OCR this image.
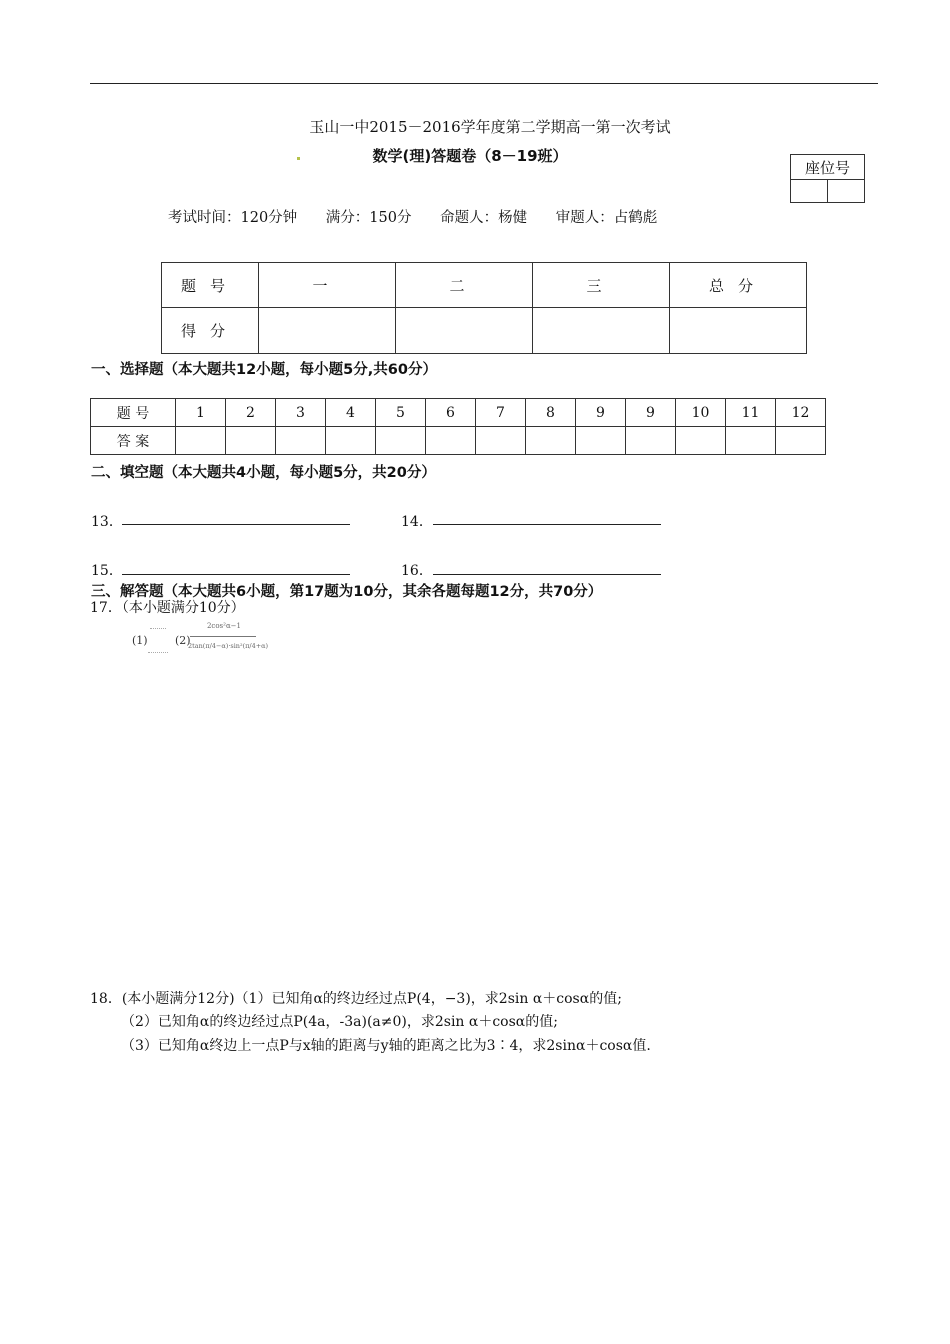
玉山一中2015－2016学年度第二学期高一第一次考试
数学(理)答题卷（8－19班）
座位号

考试时间：120分钟 满分：150分 命题人：杨健 审题人：占鹤彪
题号	一	二	三	总分
得分				
一、选择题（本大题共12小题，每小题5分,共60分）
题 号	1	2	3	4	5	6	7	8	9	9	10	11	12
答 案													
二、填空题（本大题共4小题，每小题5分，共20分）
13．	14．
15．	16．
三、解答题（本大题共6小题，第17题为10分，其余各题每题12分，共70分）
17．（本小题满分10分）
(1) (2)
2cos²α−1
2tan(π/4−α)·sin²(π/4+α)
18．(本小题满分12分)（1）已知角α的终边经过点P(4，−3)，求2sin α＋cosα的值;
（2）已知角α的终边经过点P(4a，-3a)(a≠0)，求2sin α＋cosα的值;
（3）已知角α终边上一点P与x轴的距离与y轴的距离之比为3∶4，求2sinα＋cosα值.
